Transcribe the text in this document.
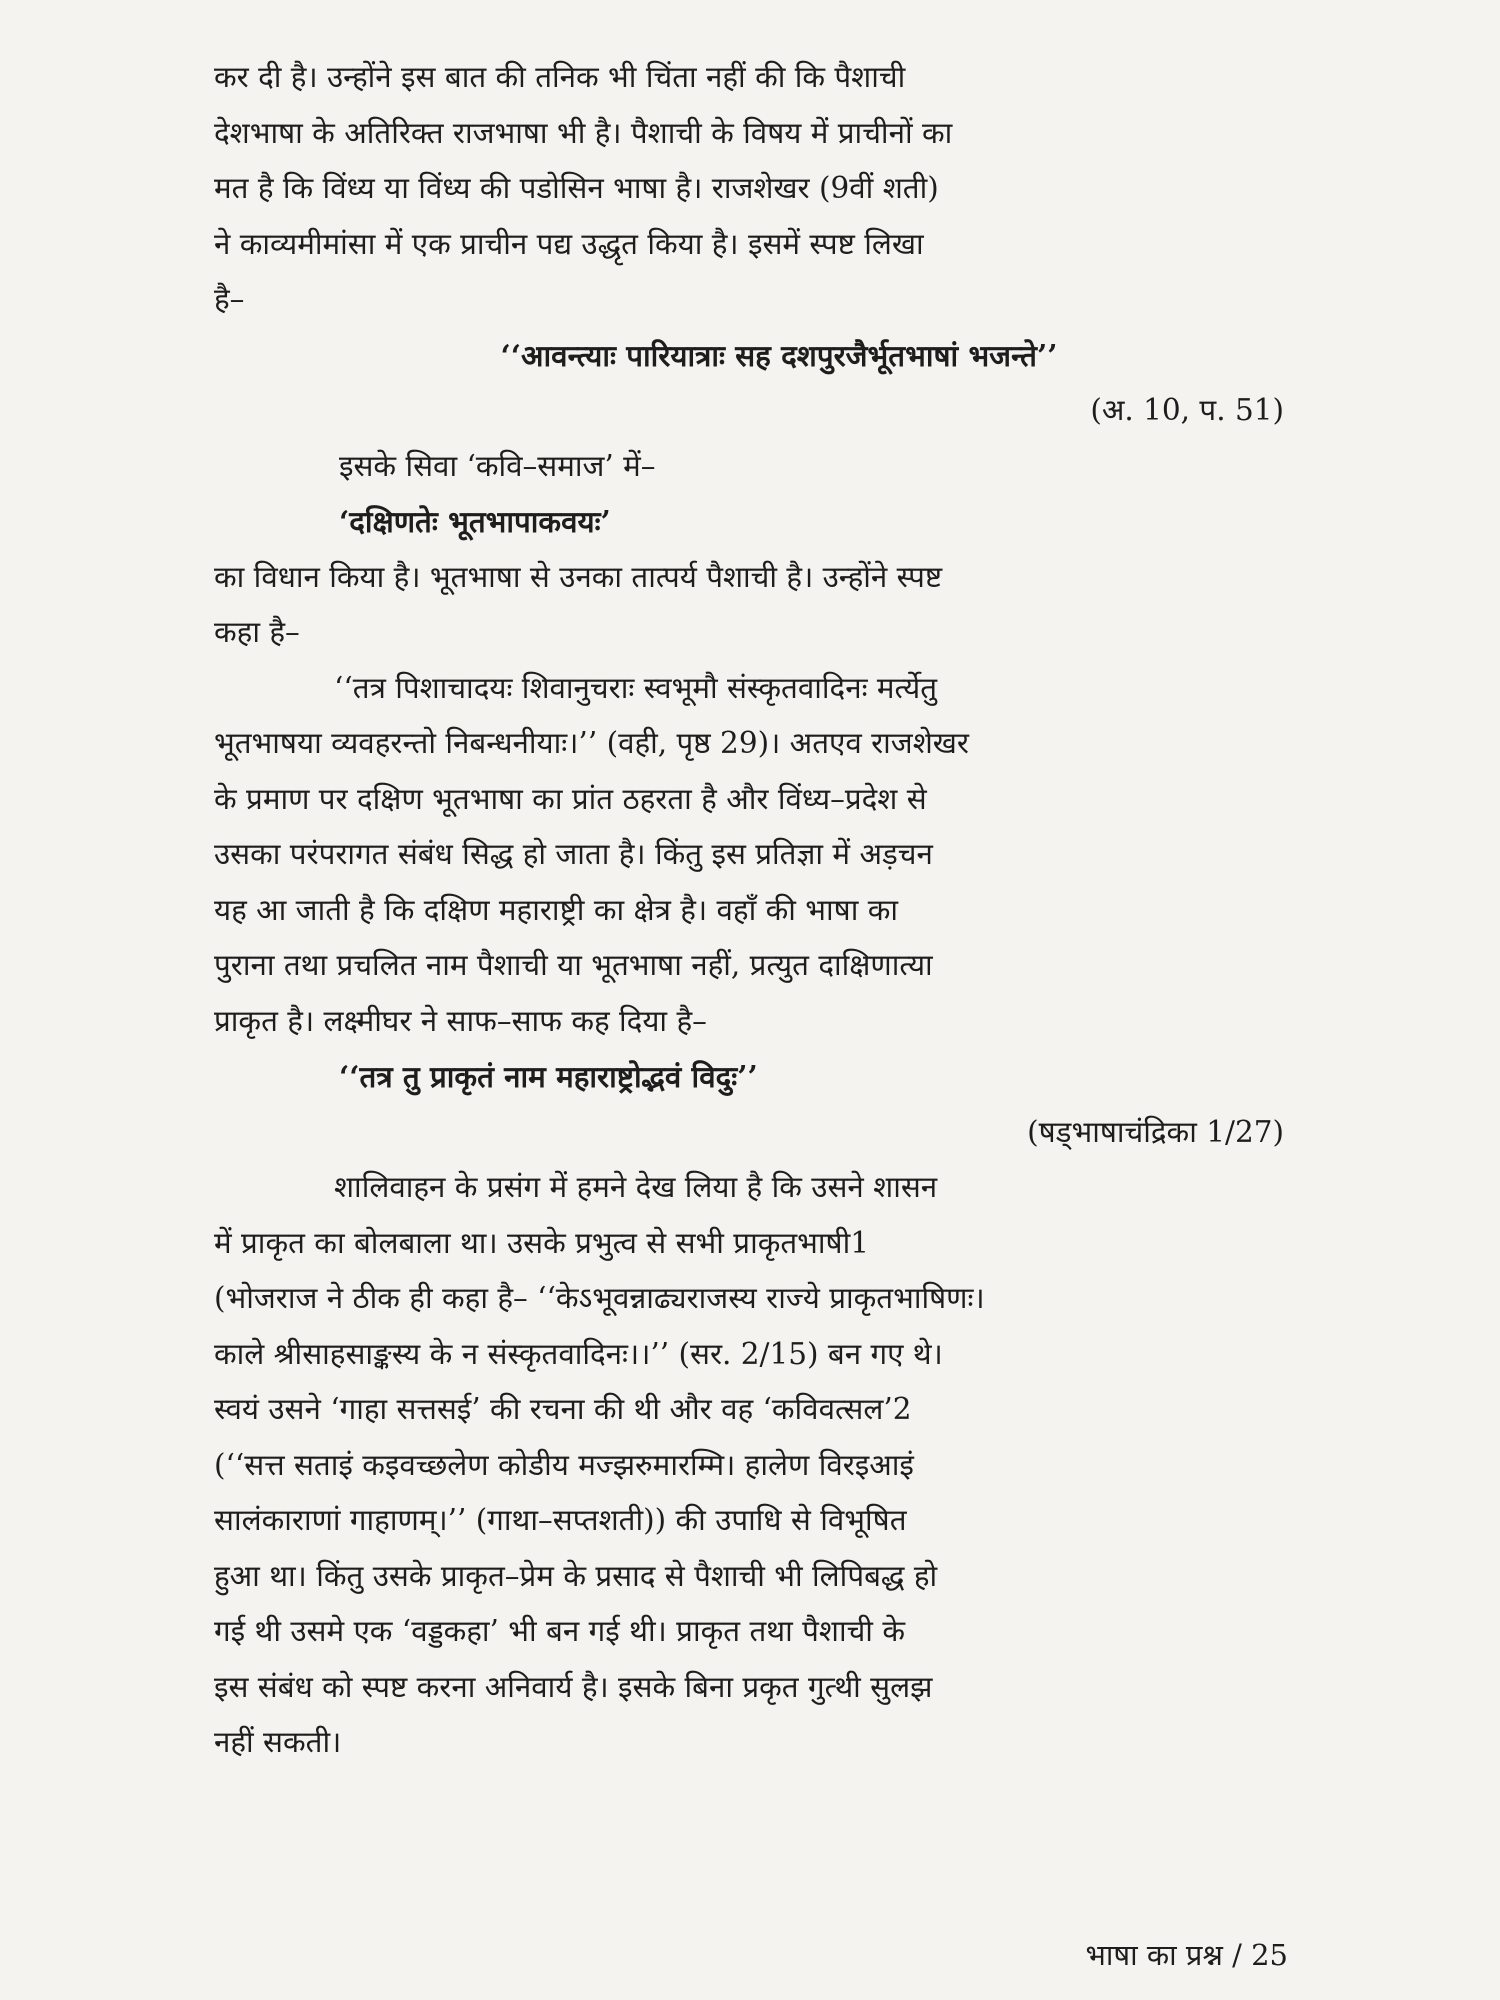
कर दी है। उन्होंने इस बात की तनिक भी चिंता नहीं की कि पैशाची
देशभाषा के अतिरिक्त राजभाषा भी है। पैशाची के विषय में प्राचीनों का
मत है कि विंध्य या विंध्य की पडोसिन भाषा है। राजशेखर (9वीं शती)
ने काव्यमीमांसा में एक प्राचीन पद्य उद्धृत किया है। इसमें स्पष्ट लिखा
है–
‘‘आवन्त्याः पारियात्राः सह दशपुरजैर्भूतभाषां भजन्ते’’
(अ. 10, प. 51)
इसके सिवा ‘कवि–समाज’ में–
‘दक्षिणतेः भूतभापाकवयः’
का विधान किया है। भूतभाषा से उनका तात्पर्य पैशाची है। उन्होंने स्पष्ट
कहा है–
‘‘तत्र पिशाचादयः शिवानुचराः स्वभूमौ संस्कृतवादिनः मर्त्येतु
भूतभाषया व्यवहरन्तो निबन्धनीयाः।’’ (वही, पृष्ठ 29)। अतएव राजशेखर
के प्रमाण पर दक्षिण भूतभाषा का प्रांत ठहरता है और विंध्य–प्रदेश से
उसका परंपरागत संबंध सिद्ध हो जाता है। किंतु इस प्रतिज्ञा में अड़चन
यह आ जाती है कि दक्षिण महाराष्ट्री का क्षेत्र है। वहाँ की भाषा का
पुराना तथा प्रचलित नाम पैशाची या भूतभाषा नहीं, प्रत्युत दाक्षिणात्या
प्राकृत है। लक्ष्मीघर ने साफ–साफ कह दिया है–
‘‘तत्र तु प्राकृतं नाम महाराष्ट्रोद्भवं विदुः’’
(षड्भाषाचंद्रिका 1/27)
शालिवाहन के प्रसंग में हमने देख लिया है कि उसने शासन
में प्राकृत का बोलबाला था। उसके प्रभुत्व से सभी प्राकृतभाषी1
(भोजराज ने ठीक ही कहा है– ‘‘केऽभूवन्नाढ्यराजस्य राज्ये प्राकृतभाषिणः।
काले श्रीसाहसाङ्कस्य के न संस्कृतवादिनः।।’’ (सर. 2/15) बन गए थे।
स्वयं उसने ‘गाहा सत्तसई’ की रचना की थी और वह ‘कविवत्सल’2
(‘‘सत्त सताइं कइवच्छलेण कोडीय मज्झरुमारम्मि। हालेण विरइआइं
सालंकाराणां गाहाणम्।’’ (गाथा–सप्तशती)) की उपाधि से विभूषित
हुआ था। किंतु उसके प्राकृत–प्रेम के प्रसाद से पैशाची भी लिपिबद्ध हो
गई थी उसमे एक ‘वड्डकहा’ भी बन गई थी। प्राकृत तथा पैशाची के
इस संबंध को स्पष्ट करना अनिवार्य है। इसके बिना प्रकृत गुत्थी सुलझ
नहीं सकती।
भाषा का प्रश्न / 25
